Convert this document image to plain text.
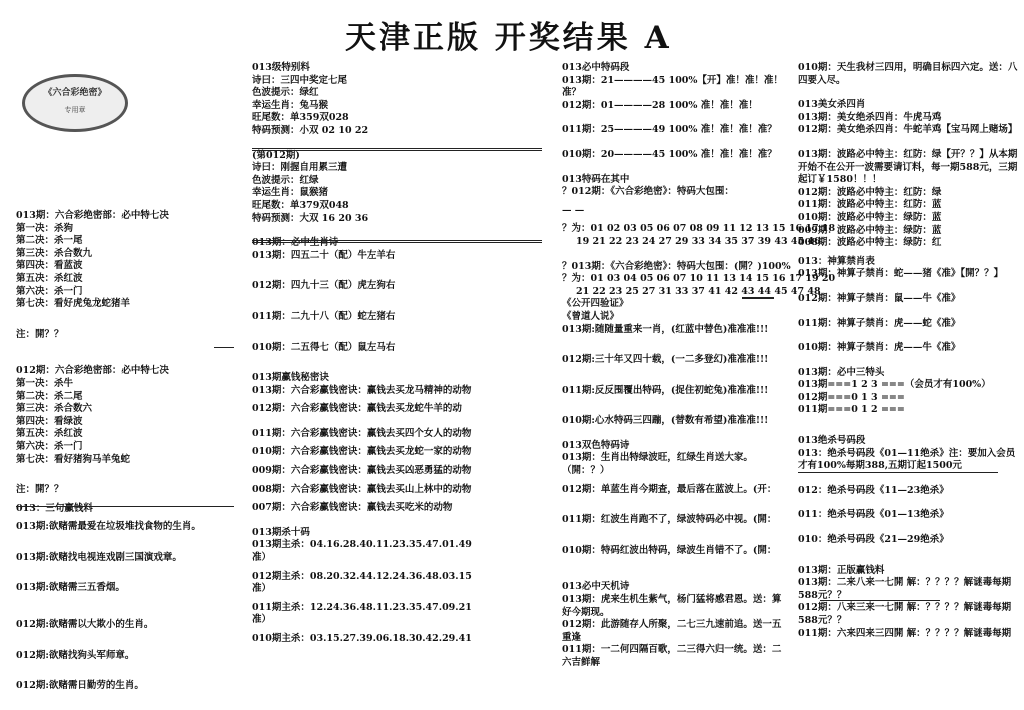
天津正版 开奖结果 A
《六合彩绝密》
专用章
013期：六合彩绝密部：必中特七决
第一决：杀狗
第二决：杀一尾
第三决：杀合数九
第四决：看蓝波
第五决：杀红波
第六决：杀一门
第七决：看好虎兔龙蛇猪羊
注：開？？
012期：六合彩绝密部：必中特七决
第一决：杀牛
第二决：杀二尾
第三决：杀合数六
第四决：看绿波
第五决：杀红波
第六决：杀一门
第七决：看好猪狗马羊兔蛇
注：開？？
013：三句赢钱料
013期:欲赌需最爱在垃圾堆找食物的生肖。
013期:欲赌找电视连戏剧三国演戏章。
013期:欲赌需三五香烟。
012期:欲赌需以大欺小的生肖。
012期:欲赌找狗头军师章。
012期:欲赌需日勤劳的生肖。
013级特别料
诗曰：三四中奖定七尾
色波提示：绿红
幸运生肖：兔马猴
旺尾数：单359双028
特码预测：小双 02 10 22
(第012期)
诗曰：刚握自用累三遭
色波提示：红绿
幸运生肖：鼠猴猪
旺尾数：单379双048
特码预测：大双 16 20 36
013期：必中生肖诗
013期：四五二十（配）牛左羊右
012期：四九十三（配）虎左狗右
011期：二九十八（配）蛇左猪右
010期：二五得七（配）鼠左马右
013期赢钱秘密诀
013期：六合彩赢钱密诀：赢钱去买龙马精神的动物
012期：六合彩赢钱密诀：赢钱去买龙蛇牛羊的动
011期：六合彩赢钱密诀：赢钱去买四个女人的动物
010期：六合彩赢钱密诀：赢钱去买龙蛇一家的动物
009期：六合彩赢钱密诀：赢钱去买凶恶勇猛的动物
008期：六合彩赢钱密诀：赢钱去买山上林中的动物
007期：六合彩赢钱密诀：赢钱去买吃米的动物
013期杀十码
013期主杀：04.16.28.40.11.23.35.47.01.49
准）
012期主杀：08.20.32.44.12.24.36.48.03.15
准）
011期主杀：12.24.36.48.11.23.35.47.09.21
准）
010期主杀：03.15.27.39.06.18.30.42.29.41
013必中特码段
013期：21————45 100%【开】准！准！准！
准？
012期：01————28 100% 准！准！准！
011期：25————49 100% 准！准！准！准？
010期：20————45 100% 准！准！准！准？
013特码在其中
？012期：《六合彩绝密》：特码大包围：
— —
？为：01 02 03 05 06 07 08 09 11 12 13 15 16 17 18
19 21 22 23 24 27 29 33 34 35 37 39 43 45 46
？013期：《六合彩绝密》：特码大包围：(開？)100%
？为：01 03 04 05 06 07 10 11 13 14 15 16 17 19 20
21 22 23 25 27 31 33 37 41 42 43 44 45 47 48
《公开四验证》
《曾道人说》
013期:随随量重来一肖，(红蓝中替色)准准准!!!
012期:三十年又四十载，(一二多登幻)准准准!!!
011期:反反围覆出特码，(捉住初蛇兔)准准准!!!
010期:心水特码三四蹦，(替数有希望)准准准!!!
013双色特码诗
013期：生肖出特绿波旺，红绿生肖送大家。（開：？）
012期：单蓝生肖今期查，最后落在蓝波上。(开：
011期：红波生肖跑不了，绿波特码必中视。(開：
010期：特码红波出特码，绿波生肖错不了。(開：
013必中天机诗
013期：虎来生机生紫气，杨门猛将感君恩。送：算好今期现。
012期：此游随存人所聚，二七三九速前追。送一五重逢
011期：一二何四隔百歌，二三得六归一统。送：二六吉鲜解
010期：天生我材三四用，明确目标四六定。送：八四要入尽。
013美女杀四肖
013期：美女绝杀四肖：牛虎马鸡
012期：美女绝杀四肖：牛蛇羊鸡【宝马网上赌场】
013期：波路必中特主：红防：绿【开？？】从本期开始不在公开一波需要请订料，每一期588元，三期起订￥1580！！！
012期：波路必中特主：红防：绿
011期：波路必中特主：红防：蓝
010期：波路必中特主：绿防：蓝
009期：波路必中特主：绿防：蓝
008期：波路必中特主：绿防：红
013：神算禁肖表
013期：神算子禁肖：蛇——猪《准》【開？？】
012期：神算子禁肖：鼠——牛《准》
011期：神算子禁肖：虎——蛇《准》
010期：神算子禁肖：虎——牛《准》
013期：必中三特头
013期===1 2 3 ===（会员才有100%）
012期===0 1 3 ===
011期===0 1 2 ===
013绝杀号码段
013：绝杀号码段《01—11绝杀》注：要加入会员才有100%每期388,五期订起1500元
012：绝杀号码段《11—23绝杀》
011：绝杀号码段《01—13绝杀》
010：绝杀号码段《21—29绝杀》
013期：正版赢钱料
013期：二来八来一七開 解：？？？？解谜毒每期588元？？
012期：八来三来一七開 解：？？？？解谜毒每期588元？？
011期：六来四来三四開 解：？？？？解谜毒每期
